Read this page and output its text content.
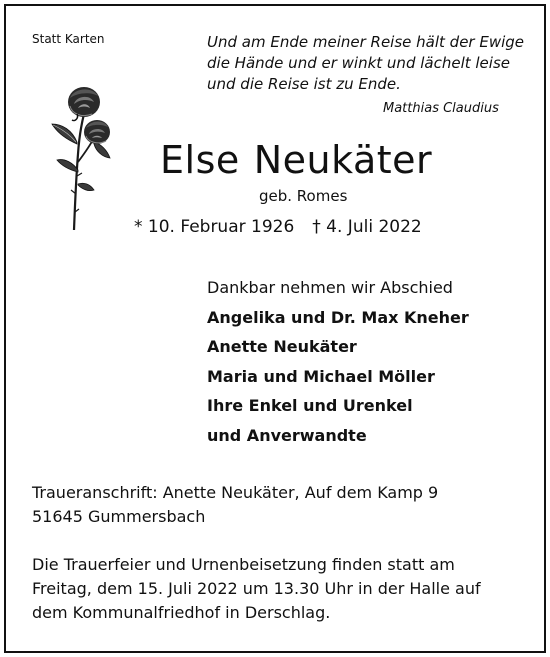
Statt Karten	Und am Ende meiner Reise hält der Ewige
die Hände und er winkt und lächelt leise
und die Reise ist zu Ende.
Matthias Claudius
Else Neukäter
geb. Romes
* 10. Februar 1926 † 4. Juli 2022
Dankbar nehmen wir Abschied
Angelika und Dr. Max Kneher
Anette Neukäter
Maria und Michael Möller
Ihre Enkel und Urenkel
und Anverwandte
Traueranschrift: Anette Neukäter, Auf dem Kamp 9
51645 Gummersbach
Die Trauerfeier und Urnenbeisetzung finden statt am
Freitag, dem 15. Juli 2022 um 13.30 Uhr in der Halle auf
dem Kommunalfriedhof in Derschlag.
